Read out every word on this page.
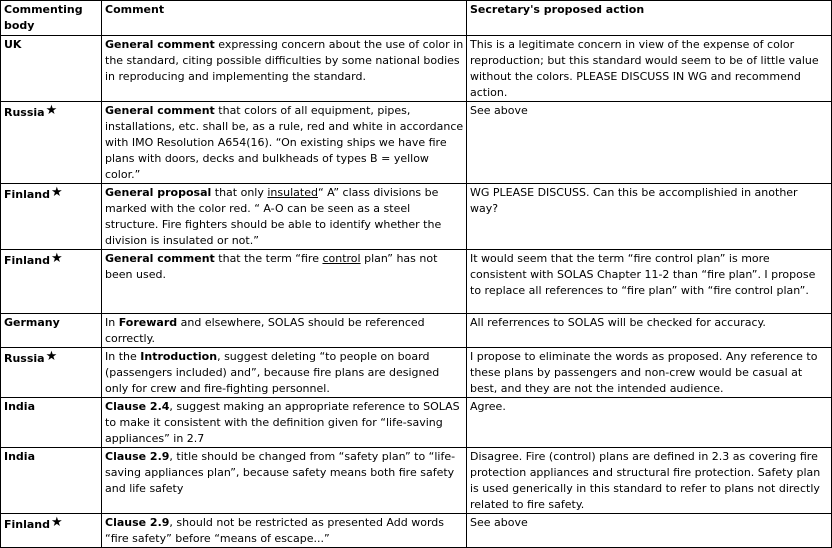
Commenting body	Comment	Secretary's proposed action
UK	General comment expressing concern about the use of color in the standard, citing possible difficulties by some national bodies in reproducing and implementing the standard.	This is a legitimate concern in view of the expense of color reproduction; but this standard would seem to be of little value without the colors. PLEASE DISCUSS IN WG and recommend action.
Russia★	General comment that colors of all equipment, pipes, installations, etc. shall be, as a rule, red and white in accordance with IMO Resolution A654(16). “On existing ships we have fire plans with doors, decks and bulkheads of types B = yellow color.”	See above
Finland★	General proposal that only insulated“ A” class divisions be marked with the color red. “ A-O can be seen as a steel structure. Fire fighters should be able to identify whether the division is insulated or not.”	WG PLEASE DISCUSS. Can this be accomplishied in another way?
Finland★	General comment that the term “fire control plan” has not been used.	It would seem that the term “fire control plan” is more consistent with SOLAS Chapter 11-2 than “fire plan”. I propose to replace all references to “fire plan” with “fire control plan”.
Germany	In Foreward and elsewhere, SOLAS should be referenced correctly.	All referrences to SOLAS will be checked for accuracy.
Russia★	In the Introduction, suggest deleting “to people on board (passengers included) and”, because fire plans are designed only for crew and fire-fighting personnel.	I propose to eliminate the words as proposed. Any reference to these plans by passengers and non-crew would be casual at best, and they are not the intended audience.
India	Clause 2.4, suggest making an appropriate reference to SOLAS to make it consistent with the definition given for “life-saving appliances” in 2.7	Agree.
India	Clause 2.9, title should be changed from “safety plan” to “life-saving appliances plan”, because safety means both fire safety and life safety	Disagree. Fire (control) plans are defined in 2.3 as covering fire protection appliances and structural fire protection. Safety plan is used generically in this standard to refer to plans not directly related to fire safety.
Finland★	Clause 2.9, should not be restricted as presented Add words “fire safety” before “means of escape...”	See above
